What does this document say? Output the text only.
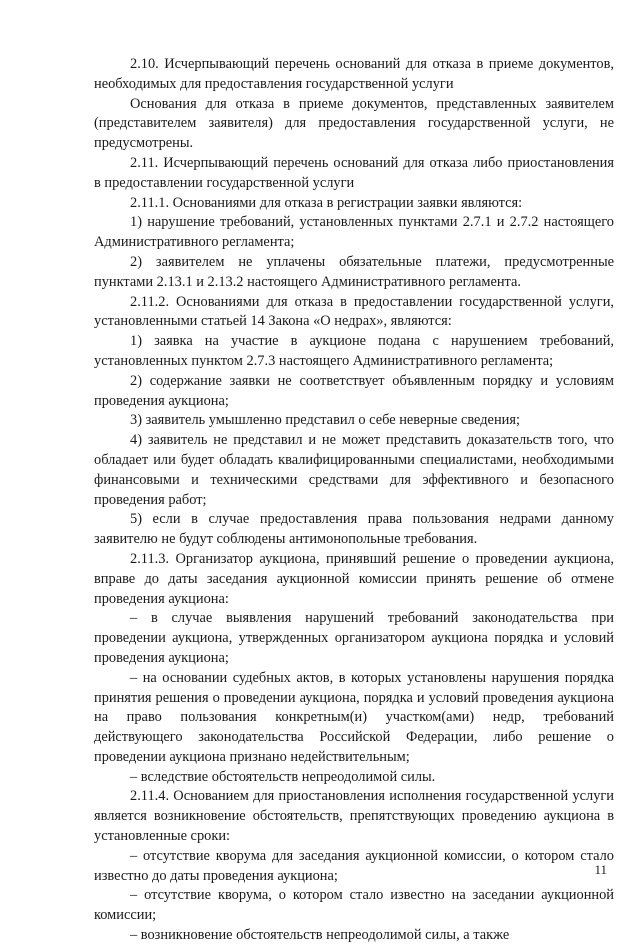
2.10. Исчерпывающий перечень оснований для отказа в приеме документов, необходимых для предоставления государственной услуги

Основания для отказа в приеме документов, представленных заявителем (представителем заявителя) для предоставления государственной услуги, не предусмотрены.

2.11. Исчерпывающий перечень оснований для отказа либо приостановления в предоставлении государственной услуги

2.11.1. Основаниями для отказа в регистрации заявки являются:

1) нарушение требований, установленных пунктами 2.7.1 и 2.7.2 настоящего Административного регламента;

2) заявителем не уплачены обязательные платежи, предусмотренные пунктами 2.13.1 и 2.13.2 настоящего Административного регламента.

2.11.2. Основаниями для отказа в предоставлении государственной услуги, установленными статьей 14 Закона «О недрах», являются:

1) заявка на участие в аукционе подана с нарушением требований, установленных пунктом 2.7.3 настоящего Административного регламента;

2) содержание заявки не соответствует объявленным порядку и условиям проведения аукциона;

3) заявитель умышленно представил о себе неверные сведения;

4) заявитель не представил и не может представить доказательств того, что обладает или будет обладать квалифицированными специалистами, необходимыми финансовыми и техническими средствами для эффективного и безопасного проведения работ;

5) если в случае предоставления права пользования недрами данному заявителю не будут соблюдены антимонопольные требования.

2.11.3. Организатор аукциона, принявший решение о проведении аукциона, вправе до даты заседания аукционной комиссии принять решение об отмене проведения аукциона:

– в случае выявления нарушений требований законодательства при проведении аукциона, утвержденных организатором аукциона порядка и условий проведения аукциона;

– на основании судебных актов, в которых установлены нарушения порядка принятия решения о проведении аукциона, порядка и условий проведения аукциона на право пользования конкретным(и) участком(ами) недр, требований действующего законодательства Российской Федерации, либо решение о проведении аукциона признано недействительным;

– вследствие обстоятельств непреодолимой силы.

2.11.4. Основанием для приостановления исполнения государственной услуги является возникновение обстоятельств, препятствующих проведению аукциона в установленные сроки:

– отсутствие кворума для заседания аукционной комиссии, о котором стало известно до даты проведения аукциона;

– отсутствие кворума, о котором стало известно на заседании аукционной комиссии;

– возникновение обстоятельств непреодолимой силы, а также

11
